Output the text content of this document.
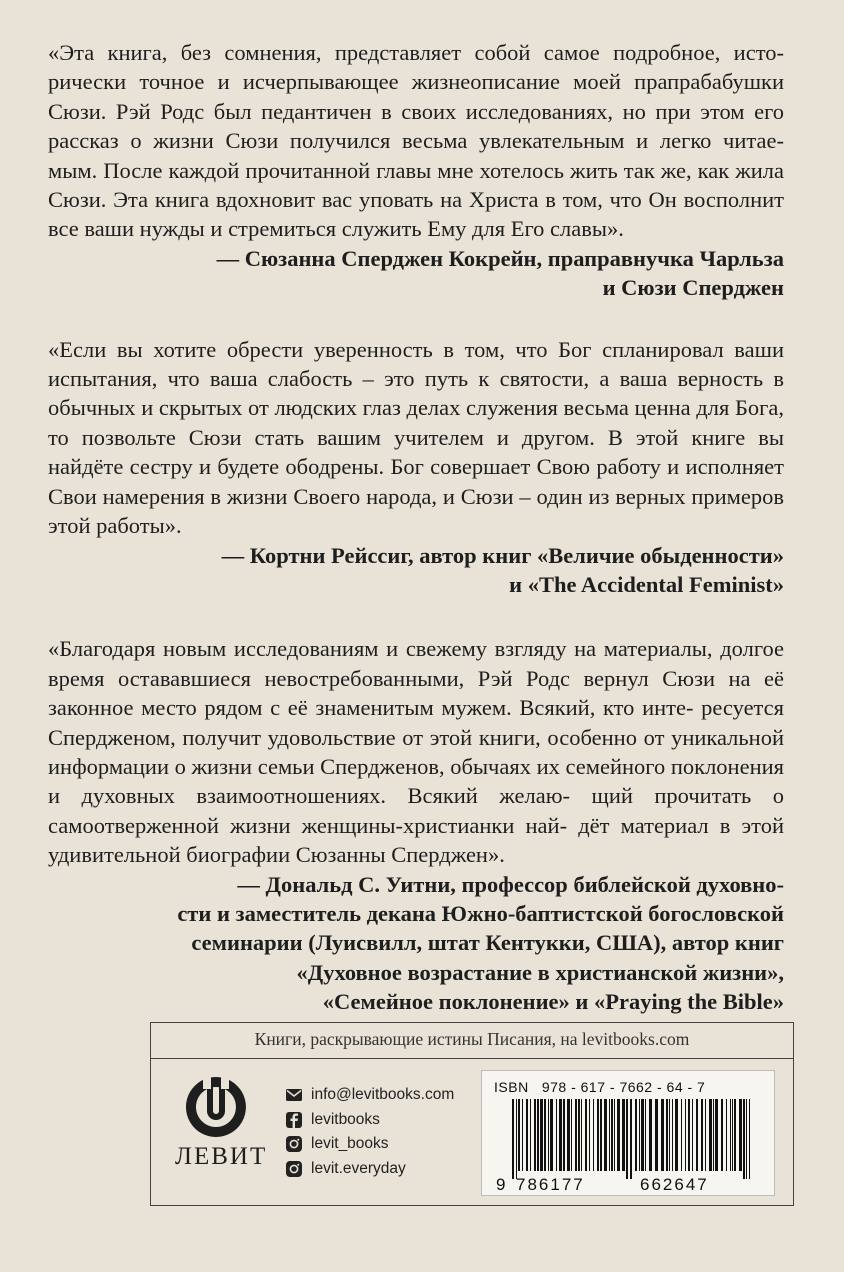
«Эта книга, без сомнения, представляет собой самое подробное, исто- рически точное и исчерпывающее жизнеописание моей прапрабабушки Сюзи. Рэй Родс был педантичен в своих исследованиях, но при этом его рассказ о жизни Сюзи получился весьма увлекательным и легко читае- мым. После каждой прочитанной главы мне хотелось жить так же, как жила Сюзи. Эта книга вдохновит вас уповать на Христа в том, что Он восполнит все ваши нужды и стремиться служить Ему для Его славы».

— Сюзанна Сперджен Кокрейн, праправнучка Чарльза
и Сюзи Сперджен

«Если вы хотите обрести уверенность в том, что Бог спланировал ваши испытания, что ваша слабость – это путь к святости, а ваша верность в обычных и скрытых от людских глаз делах служения весьма ценна для Бога, то позвольте Сюзи стать вашим учителем и другом. В этой книге вы найдёте сестру и будете ободрены. Бог совершает Свою работу и исполняет Свои намерения в жизни Своего народа, и Сюзи – один из верных примеров этой работы».

— Кортни Рейссиг, автор книг «Величие обыденности»
и «The Accidental Feminist»

«Благодаря новым исследованиям и свежему взгляду на материалы, долгое время остававшиеся невостребованными, Рэй Родс вернул Сюзи на её законное место рядом с её знаменитым мужем. Всякий, кто инте- ресуется Сперджeном, получит удовольствие от этой книги, особенно от уникальной информации о жизни семьи Сперджeнов, обычаях их семейного поклонения и духовных взаимоотношениях. Всякий желаю- щий прочитать о самоотверженной жизни женщины-христианки най- дёт материал в этой удивительной биографии Сюзанны Сперджен».

— Дональд С. Уитни, профессор библейской духовно-
сти и заместитель декана Южно-баптистской богословской
семинарии (Луисвилл, штат Кентукки, США), автор книг
«Духовное возрастание в христианской жизни»,
«Семейное поклонение» и «Praying the Bible»

Книги, раскрывающие истины Писания, на levitbooks.com
ЛЕВИТ
info@levitbooks.com
levitbooks
levit_books
levit.everyday
ISBN   978 - 617 - 7662 - 64 - 7
9 786177	662647
